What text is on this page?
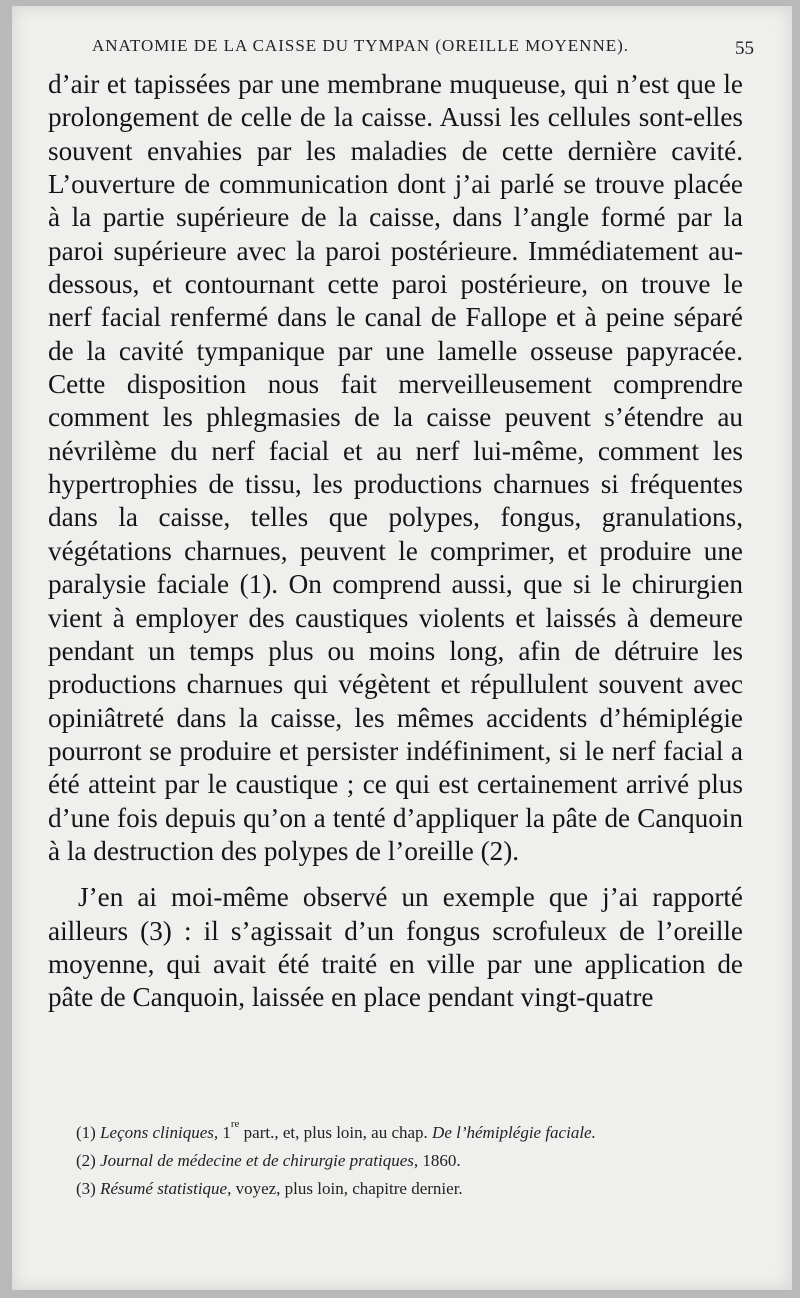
ANATOMIE DE LA CAISSE DU TYMPAN (OREILLE MOYENNE).	55

d’air et tapissées par une membrane muqueuse, qui n’est que le prolongement de celle de la caisse. Aussi les cellules sont-elles souvent envahies par les maladies de cette dernière cavité. L’ouverture de communication dont j’ai parlé se trouve placée à la partie supérieure de la caisse, dans l’angle formé par la paroi supérieure avec la paroi postérieure. Immédiatement au-dessous, et contournant cette paroi postérieure, on trouve le nerf facial renfermé dans le canal de Fallope et à peine séparé de la cavité tympanique par une lamelle osseuse papyracée. Cette disposition nous fait merveilleusement comprendre comment les phlegmasies de la caisse peuvent s’étendre au névrilème du nerf facial et au nerf lui-même, comment les hypertrophies de tissu, les productions charnues si fréquentes dans la caisse, telles que polypes, fongus, granulations, végétations charnues, peuvent le comprimer, et produire une paralysie faciale (1). On comprend aussi, que si le chirurgien vient à employer des caustiques violents et laissés à demeure pendant un temps plus ou moins long, afin de détruire les productions charnues qui végètent et répullulent souvent avec opiniâtreté dans la caisse, les mêmes accidents d’hémiplégie pourront se produire et persister indéfiniment, si le nerf facial a été atteint par le caustique ; ce qui est certainement arrivé plus d’une fois depuis qu’on a tenté d’appliquer la pâte de Canquoin à la destruction des polypes de l’oreille (2).

J’en ai moi-même observé un exemple que j’ai rapporté ailleurs (3) : il s’agissait d’un fongus scrofuleux de l’oreille moyenne, qui avait été traité en ville par une application de pâte de Canquoin, laissée en place pendant vingt-quatre

(1) Leçons cliniques, 1re part., et, plus loin, au chap. De l’hémiplégie faciale.
(2) Journal de médecine et de chirurgie pratiques, 1860.
(3) Résumé statistique, voyez, plus loin, chapitre dernier.
